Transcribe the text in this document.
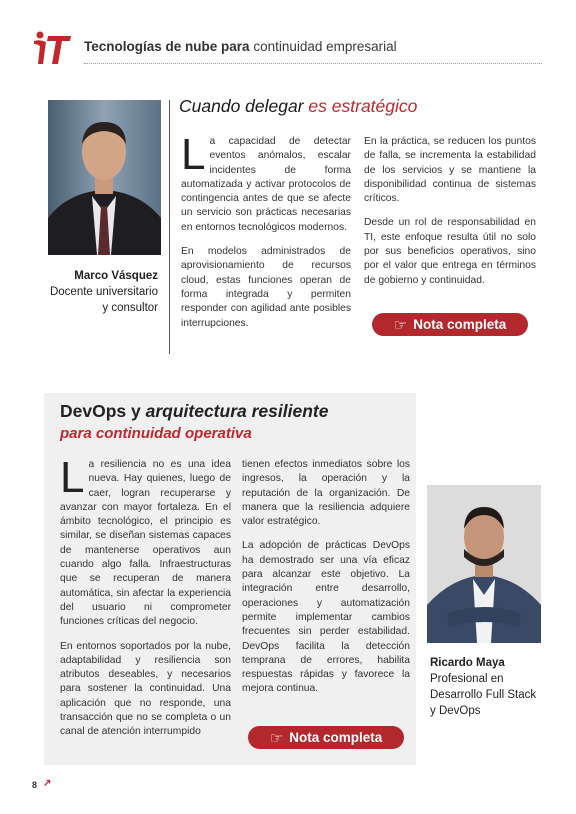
Tecnologías de nube para continuidad empresarial
Cuando delegar es estratégico
Marco Vásquez
Docente universitario y consultor

La capacidad de detectar eventos anómalos, escalar incidentes de forma automatizada y activar protocolos de contingencia antes de que se afecte un servicio son prácticas necesarias en entornos tecnológicos modernos.

En modelos administrados de aprovisionamiento de recursos cloud, estas funciones operan de forma integrada y permiten responder con agilidad ante posibles interrupciones.

En la práctica, se reducen los puntos de falla, se incrementa la estabilidad de los servicios y se mantiene la disponibilidad continua de sistemas críticos.

Desde un rol de responsabilidad en TI, este enfoque resulta útil no solo por sus beneficios operativos, sino por el valor que entrega en términos de gobierno y continuidad.

☞ Nota completa
DevOps y arquitectura resiliente
para continuidad operativa

La resiliencia no es una idea nueva. Hay quienes, luego de caer, logran recuperarse y avanzar con mayor fortaleza. En el ámbito tecnológico, el principio es similar, se diseñan sistemas capaces de mantenerse operativos aun cuando algo falla. Infraestructuras que se recuperan de manera automática, sin afectar la experiencia del usuario ni comprometer funciones críticas del negocio.

En entornos soportados por la nube, adaptabilidad y resiliencia son atributos deseables, y necesarios para sostener la continuidad. Una aplicación que no responde, una transacción que no se completa o un canal de atención interrumpido

tienen efectos inmediatos sobre los ingresos, la operación y la reputación de la organización. De manera que la resiliencia adquiere valor estratégico.

La adopción de prácticas DevOps ha demostrado ser una vía eficaz para alcanzar este objetivo. La integración entre desarrollo, operaciones y automatización permite implementar cambios frecuentes sin perder estabilidad. DevOps facilita la detección temprana de errores, habilita respuestas rápidas y favorece la mejora continua.

☞ Nota completa
Ricardo Maya
Profesional en Desarrollo Full Stack y DevOps
8 ↗
